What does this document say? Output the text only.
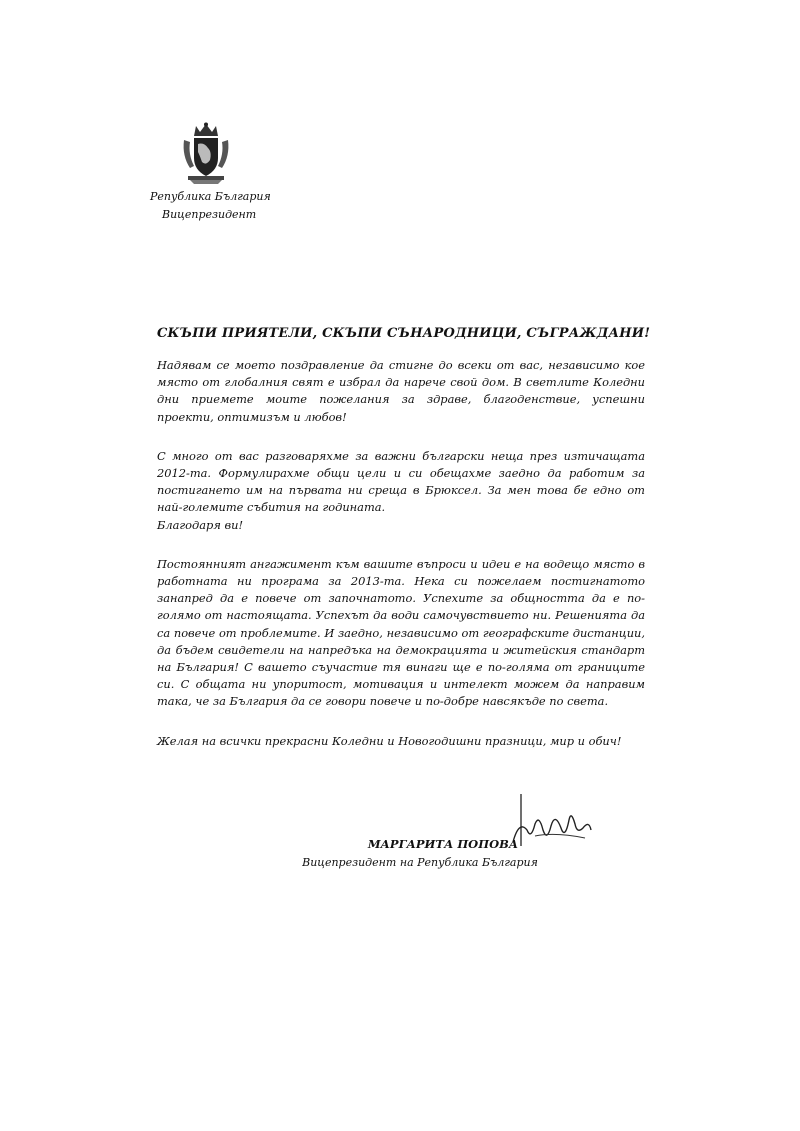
Република България
Вицепрезидент

СКЪПИ ПРИЯТЕЛИ, СКЪПИ СЪНАРОДНИЦИ, СЪГРАЖДАНИ!

Надявам се моето поздравление да стигне до всеки от вас, независимо кое място от глобалния свят е избрал да нарече свой дом. В светлите Коледни дни приемете моите пожелания за здраве, благоденствие, успешни проекти, оптимизъм и любов!

С много от вас разговаряхме за важни български неща през изтичащата 2012-та. Формулирахме общи цели и си обещахме заедно да работим за постигането им на първата ни среща в Брюксел. За мен това бе едно от най-големите събития на годината.

Благодаря ви!

Постоянният ангажимент към вашите въпроси и идеи е на водещо място в работната ни програма за 2013-та. Нека си пожелаем постигнатото занапред да е повече от започнатото. Успехите за общността да е по-голямо от настоящата. Успехът да води самочувствието ни. Решенията да са повече от проблемите. И заедно, независимо от географските дистанции, да бъдем свидетели на напредъка на демокрацията и житейския стандарт на България! С вашето съучастие тя винаги ще е по-голяма от границите си. С общата ни упоритост, мотивация и интелект можем да направим така, че за България да се говори повече и по-добре навсякъде по света.

Желая на всички прекрасни Коледни и Новогодишни празници, мир и обич!

МАРГАРИТА ПОПОВА
Вицепрезидент на Република България
